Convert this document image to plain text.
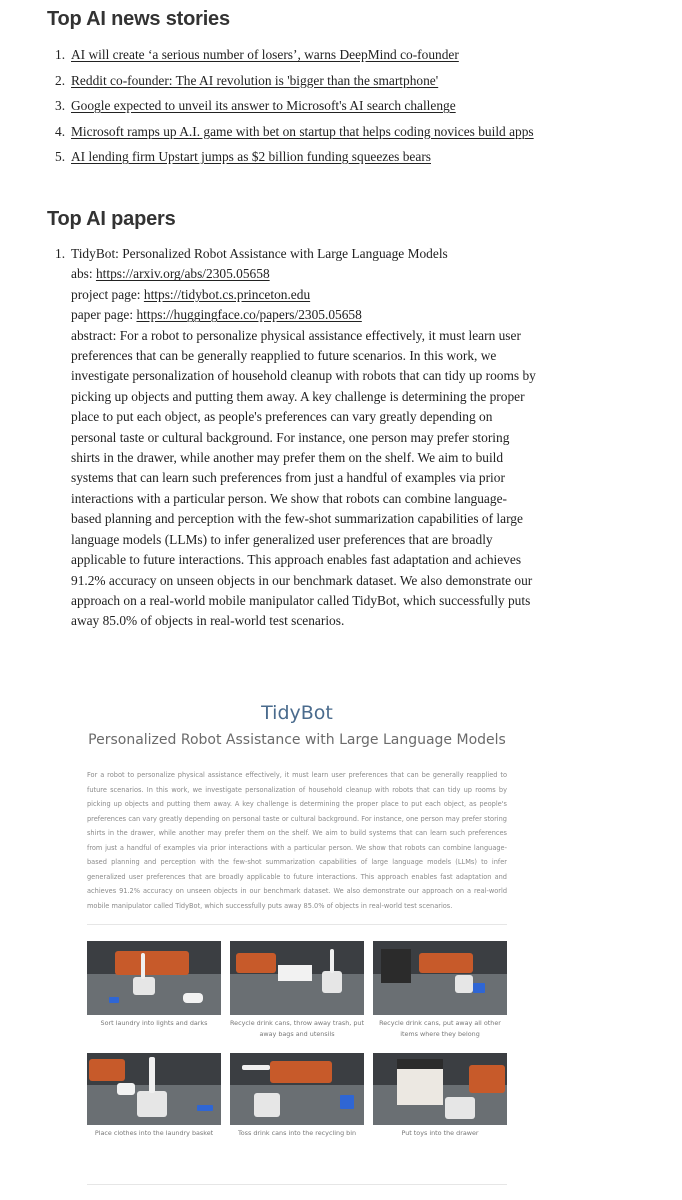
Top AI news stories
1. AI will create ‘a serious number of losers’, warns DeepMind co-founder
2. Reddit co-founder: The AI revolution is 'bigger than the smartphone'
3. Google expected to unveil its answer to Microsoft's AI search challenge
4. Microsoft ramps up A.I. game with bet on startup that helps coding novices build apps
5. AI lending firm Upstart jumps as $2 billion funding squeezes bears
Top AI papers
1. TidyBot: Personalized Robot Assistance with Large Language Models
abs: https://arxiv.org/abs/2305.05658
project page: https://tidybot.cs.princeton.edu
paper page: https://huggingface.co/papers/2305.05658
abstract: For a robot to personalize physical assistance effectively, it must learn user preferences that can be generally reapplied to future scenarios. In this work, we investigate personalization of household cleanup with robots that can tidy up rooms by picking up objects and putting them away. A key challenge is determining the proper place to put each object, as people's preferences can vary greatly depending on personal taste or cultural background. For instance, one person may prefer storing shirts in the drawer, while another may prefer them on the shelf. We aim to build systems that can learn such preferences from just a handful of examples via prior interactions with a particular person. We show that robots can combine language-based planning and perception with the few-shot summarization capabilities of large language models (LLMs) to infer generalized user preferences that are broadly applicable to future interactions. This approach enables fast adaptation and achieves 91.2% accuracy on unseen objects in our benchmark dataset. We also demonstrate our approach on a real-world mobile manipulator called TidyBot, which successfully puts away 85.0% of objects in real-world test scenarios.
TidyBot
Personalized Robot Assistance with Large Language Models
For a robot to personalize physical assistance effectively, it must learn user preferences that can be generally reapplied to future scenarios. In this work, we investigate personalization of household cleanup with robots that can tidy up rooms by picking up objects and putting them away. A key challenge is determining the proper place to put each object, as people's preferences can vary greatly depending on personal taste or cultural background. For instance, one person may prefer storing shirts in the drawer, while another may prefer them on the shelf. We aim to build systems that can learn such preferences from just a handful of examples via prior interactions with a particular person. We show that robots can combine language-based planning and perception with the few-shot summarization capabilities of large language models (LLMs) to infer generalized user preferences that are broadly applicable to future interactions. This approach enables fast adaptation and achieves 91.2% accuracy on unseen objects in our benchmark dataset. We also demonstrate our approach on a real-world mobile manipulator called TidyBot, which successfully puts away 85.0% of objects in real-world test scenarios.
Sort laundry into lights and darks	Recycle drink cans, throw away trash, put away bags and utensils
Recycle drink cans, put away all other items where they belong
Place clothes into the laundry basket	Toss drink cans into the recycling bin	Put toys into the drawer
